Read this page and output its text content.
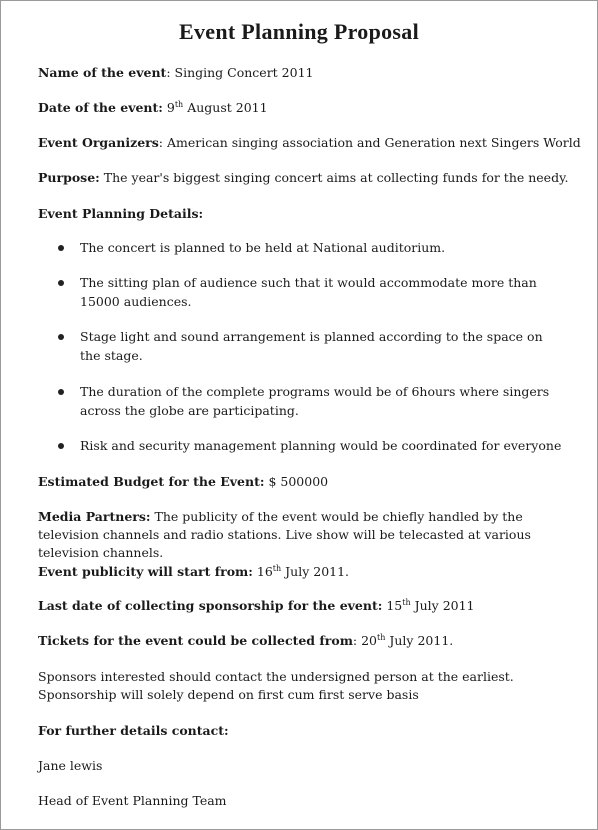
Event Planning Proposal
Name of the event: Singing Concert 2011
Date of the event: 9th August 2011
Event Organizers: American singing association and Generation next Singers World
Purpose: The year's biggest singing concert aims at collecting funds for the needy.
Event Planning Details:
The concert is planned to be held at National auditorium.
The sitting plan of audience such that it would accommodate more than 15000 audiences.
Stage light and sound arrangement is planned according to the space on the stage.
The duration of the complete programs would be of 6hours where singers across the globe are participating.
Risk and security management planning would be coordinated for everyone
Estimated Budget for the Event: $ 500000
Media Partners: The publicity of the event would be chiefly handled by the television channels and radio stations. Live show will be telecasted at various television channels.
Event publicity will start from: 16th July 2011.
Last date of collecting sponsorship for the event: 15th July 2011
Tickets for the event could be collected from: 20th July 2011.
Sponsors interested should contact the undersigned person at the earliest. Sponsorship will solely depend on first cum first serve basis
For further details contact:
Jane lewis
Head of Event Planning Team
